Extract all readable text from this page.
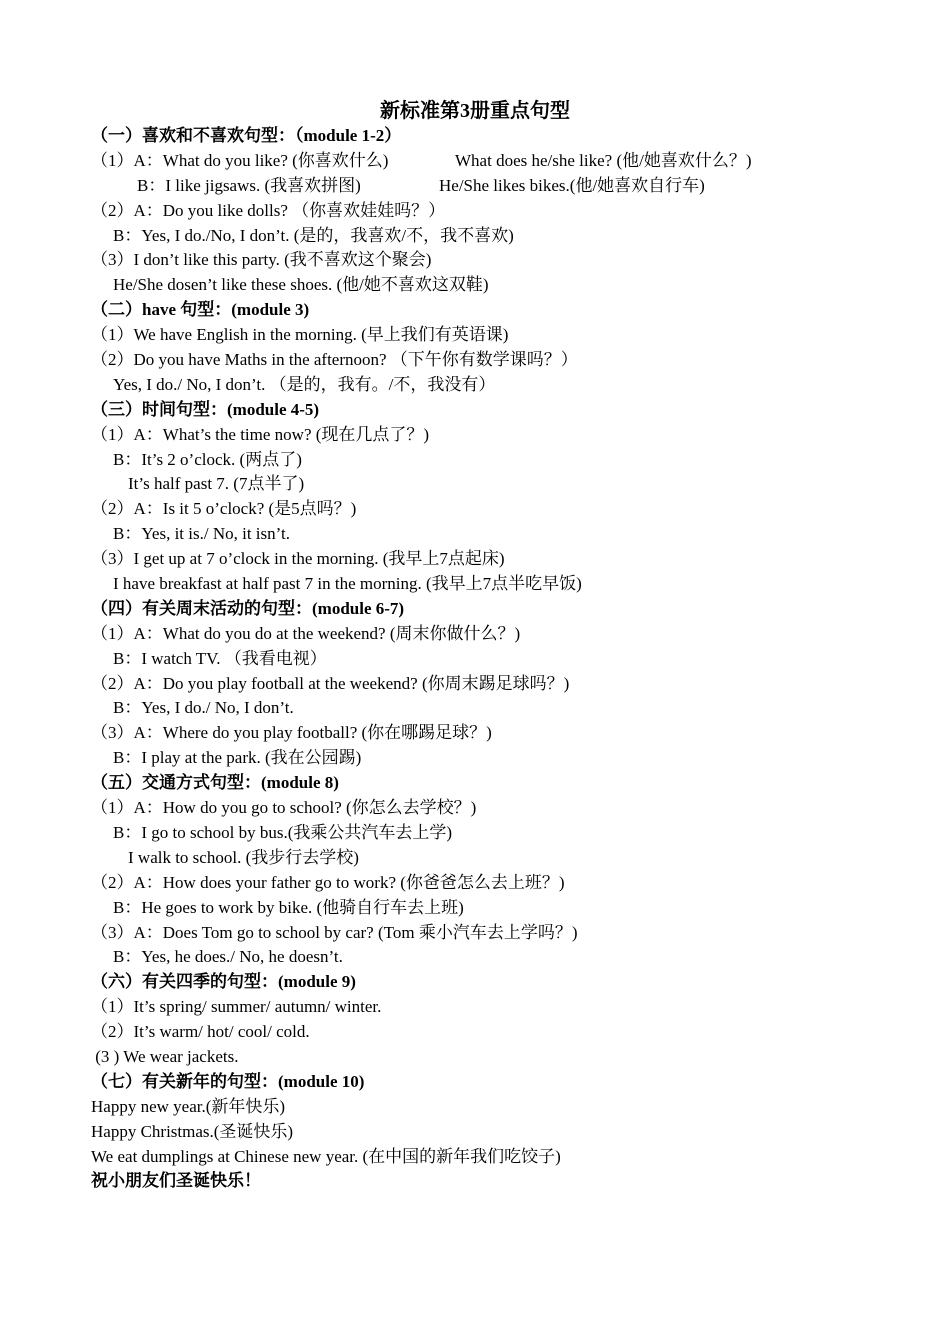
新标准第3册重点句型
（一）喜欢和不喜欢句型：（module 1-2）

（1）A：What do you like? (你喜欢什么)

	What does he/she like? (他/她喜欢什么？)

B：I like jigsaws. (我喜欢拼图)

	He/She likes bikes.(他/她喜欢自行车)

（2）A：Do you like dolls? （你喜欢娃娃吗？）
B：Yes, I do./No, I don’t. (是的，我喜欢/不，我不喜欢)
（3）I don’t like this party. (我不喜欢这个聚会)
He/She dosen’t like these shoes. (他/她不喜欢这双鞋)
（二）have 句型：(module 3)
（1）We have English in the morning. (早上我们有英语课)
（2）Do you have Maths in the afternoon? （下午你有数学课吗？）
Yes, I do./ No, I don’t. （是的，我有。/不，我没有）
（三）时间句型：(module 4-5)
（1）A：What’s the time now? (现在几点了？)
B：It’s 2 o’clock. (两点了)
It’s half past 7. (7点半了)
（2）A：Is it 5 o’clock? (是5点吗？)
B：Yes, it is./ No, it isn’t.
（3）I get up at 7 o’clock in the morning. (我早上7点起床)
I have breakfast at half past 7 in the morning. (我早上7点半吃早饭)
（四）有关周末活动的句型：(module 6-7)
（1）A：What do you do at the weekend? (周末你做什么？)
B：I watch TV. （我看电视）
（2）A：Do you play football at the weekend? (你周末踢足球吗？)
B：Yes, I do./ No, I don’t.
（3）A：Where do you play football? (你在哪踢足球？)
B：I play at the park. (我在公园踢)
（五）交通方式句型：(module 8)
（1）A：How do you go to school? (你怎么去学校？)
B：I go to school by bus.(我乘公共汽车去上学)
I walk to school. (我步行去学校)
（2）A：How does your father go to work? (你爸爸怎么去上班？)
B：He goes to work by bike. (他骑自行车去上班)
（3）A：Does Tom go to school by car? (Tom 乘小汽车去上学吗？)
B：Yes, he does./ No, he doesn’t.
（六）有关四季的句型：(module 9)
（1）It’s spring/ summer/ autumn/ winter.
（2）It’s warm/ hot/ cool/ cold.
(3 ) We wear jackets.
（七）有关新年的句型：(module 10)
Happy new year.(新年快乐)
Happy Christmas.(圣诞快乐)
We eat dumplings at Chinese new year. (在中国的新年我们吃饺子)
祝小朋友们圣诞快乐！
